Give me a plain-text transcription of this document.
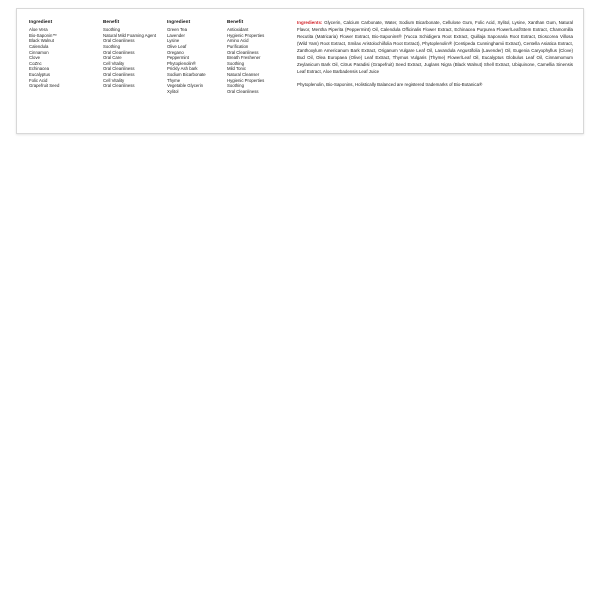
Ingredient
Aloe Vera
Bio-Saponin™
Black Walnut
Calendula
Cinnamon
Clove
CoZnc
Echinacea
Eucalyptus
Folic Acid
Grapefruit Seed
Benefit
Soothing
Natural Mild Foaming Agent
Oral Cleanliness
Soothing
Oral Cleanliness
Oral Care
Cell Vitality
Oral Cleanliness
Oral Cleanliness
Cell Vitality
Oral Cleanliness
Ingredient
Green Tea
Lavender
Lysine
Olive Leaf
Oregano
Peppermint
Phytoplenolin®
Prickly Ash bark
Sodium Bicarbonate
Thyme
Vegetable Glycerin
Xylitol
Benefit
Antioxidant
Hygienic Properties
Amino Acid
Purification
Oral Cleanliness
Breath Freshener
Soothing
Mild Tonic
Natural Cleanser
Hygienic Properties
Soothing
Oral Cleanliness

Ingredients: Glycerin, Calcium Carbonate, Water, Sodium Bicarbonate, Cellulose Gum, Folic Acid, Xylitol, Lysine, Xanthan Gum, Natural Flavor, Mentha Piperita (Peppermint) Oil, Calendula Officinalis Flower Extract, Echinacea Purpurea Flower/Leaf/Stem Extract, Chamomilla Recutita (Matricaria) Flower Extract, Bio-Saponins® (Yucca Schidigera Root Extract, Quillaja Saponaria Root Extract, Dioscorea Villosa (Wild Yam) Root Extract, Smilax Aristolochiifolia Root Extract), Phytoplenolin® (Centipeda Cunninghamii Extract), Centella Asiatica Extract, Zanthoxylum Americanum Bark Extract, Origanum Vulgare Leaf Oil, Lavandula Angustifolia (Lavender) Oil, Eugenia Caryophyllus (Clove) Bud Oil, Olea Europaea (Olive) Leaf Extract, Thymus Vulgaris (Thyme) Flower/Leaf Oil, Eucalyptus Globulus Leaf Oil, Cinnamomum Zeylanicum Bark Oil, Citrus Paradisi (Grapefruit) Seed Extract, Juglans Nigra (Black Walnut) Shell Extract, Ubiquinone, Camellia Sinensis Leaf Extract, Aloe Barbadensis Leaf Juice

Phytoplenolin, Bio-Saponins, Holistically Balanced are registered trademarks of Bio-Botanica®
